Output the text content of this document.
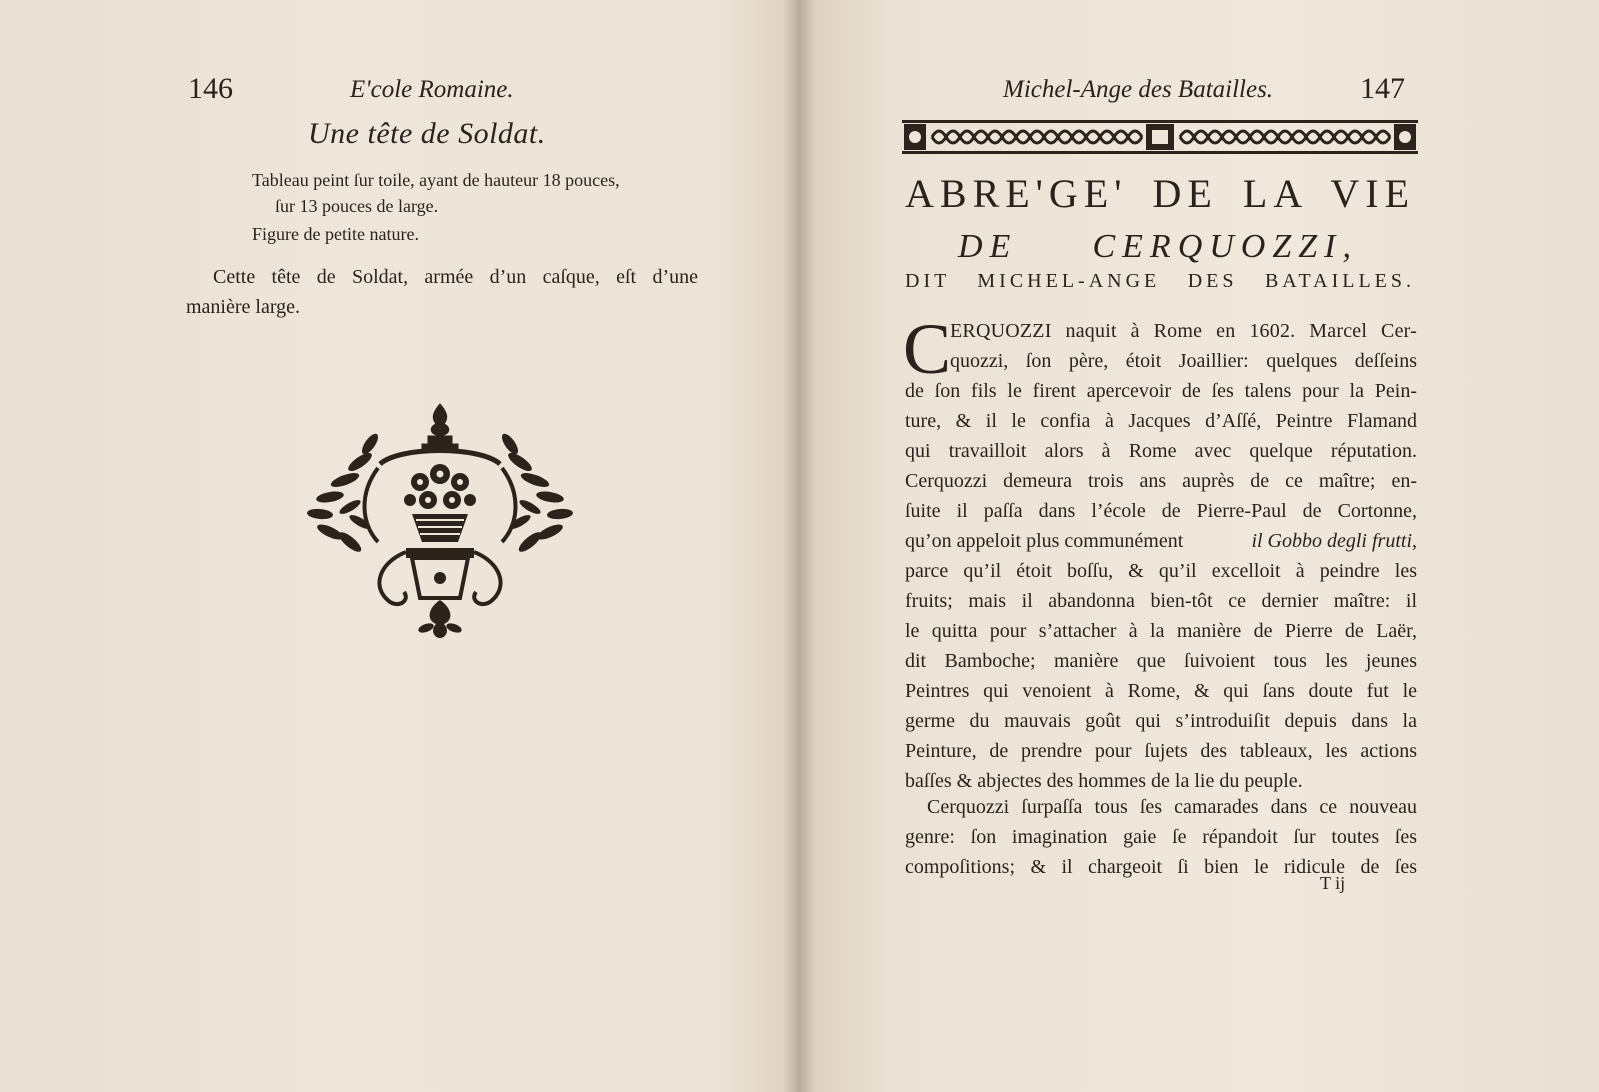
146	E'cole Romaine.
Une tête de Soldat.
Tableau peint ſur toile, ayant de hauteur 18 pouces,
ſur 13 pouces de large.
Figure de petite nature.
Cette tête de Soldat, armée d’un caſque, eſt d’une
manière large.
Michel-Ange des Batailles.	147
ABRE'GE' DE LA VIE
DE CERQUOZZI,
DIT MICHEL-ANGE DES BATAILLES.
C
ERQUOZZI naquit à Rome en 1602. Marcel Cer-
quozzi, ſon père, étoit Joaillier: quelques deſſeins
de ſon fils le firent apercevoir de ſes talens pour la Pein-
ture, & il le confia à Jacques d’Aſſé, Peintre Flamand
qui travailloit alors à Rome avec quelque réputation.
Cerquozzi demeura trois ans auprès de ce maître; en-
ſuite il paſſa dans l’école de Pierre-Paul de Cortonne,
qu’on appeloit plus communément	il Gobbo degli frutti,
parce qu’il étoit boſſu, & qu’il excelloit à peindre les
fruits; mais il abandonna bien-tôt ce dernier maître: il
le quitta pour s’attacher à la manière de Pierre de Laër,
dit Bamboche; manière que ſuivoient tous les jeunes
Peintres qui venoient à Rome, & qui ſans doute fut le
germe du mauvais goût qui s’introduiſit depuis dans la
Peinture, de prendre pour ſujets des tableaux, les actions
baſſes & abjectes des hommes de la lie du peuple.
Cerquozzi ſurpaſſa tous ſes camarades dans ce nouveau
genre: ſon imagination gaie ſe répandoit ſur toutes ſes
compoſitions; & il chargeoit ſi bien le ridicule de ſes
T ij
